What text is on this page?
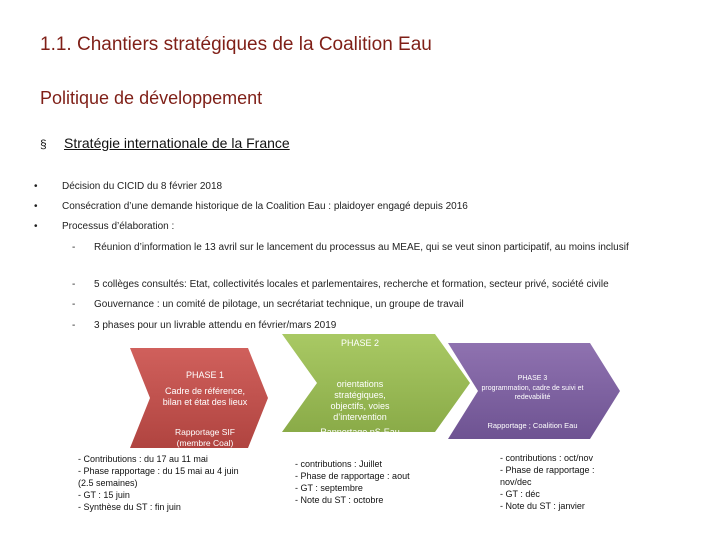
1.1. Chantiers stratégiques de la Coalition Eau
Politique de développement
§ Stratégie internationale de la France
• Décision du CICID du 8 février 2018
• Consécration d’une demande historique de la Coalition Eau : plaidoyer engagé depuis 2016
• Processus d’élaboration :
- Réunion d’information le 13 avril sur le lancement du processus au MEAE, qui se veut sinon participatif, au moins inclusif
- 5 collèges consultés: Etat, collectivités locales et parlementaires, recherche et formation, secteur privé, société civile
- Gouvernance : un comité de pilotage, un secrétariat technique, un groupe de travail
- 3 phases pour un livrable attendu en février/mars 2019
PHASE 1
Cadre de référence, bilan et état des lieux
Rapportage SIF (membre Coal)
PHASE 2
orientations stratégiques, objectifs, voies d’intervention
Rapportage pS-Eau
PHASE 3
programmation, cadre de suivi et redevabilité
Rapportage ; Coalition Eau
- Contributions : du 17 au 11 mai
- Phase rapportage : du 15 mai au 4 juin (2.5 semaines)
- GT : 15 juin
- Synthèse du ST : fin juin
- contributions : Juillet
- Phase de rapportage : aout
- GT : septembre
- Note du ST : octobre
- contributions : oct/nov
- Phase de rapportage : nov/dec
- GT : déc
- Note du ST : janvier
